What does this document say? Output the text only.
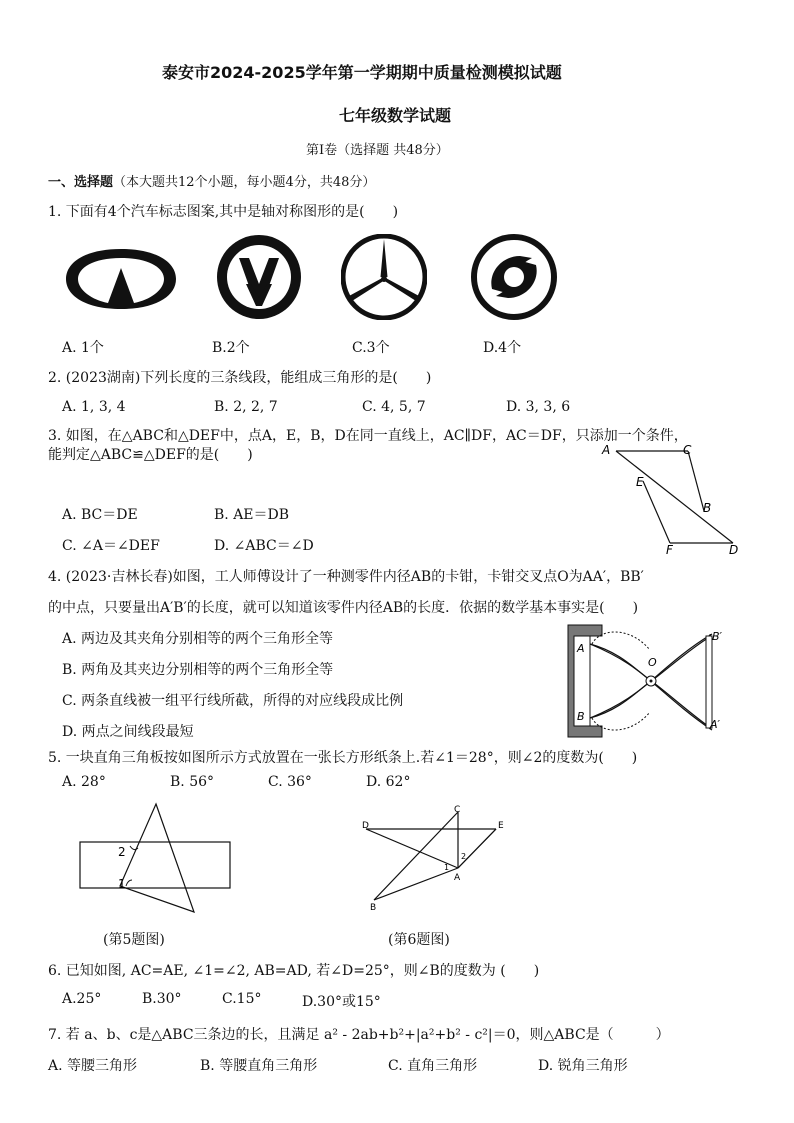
泰安市2024-2025学年第一学期期中质量检测模拟试题
七年级数学试题
第Ⅰ卷（选择题 共48分）
一、选择题（本大题共12个小题，每小题4分，共48分）
1. 下面有4个汽车标志图案,其中是轴对称图形的是(　　)
A. 1个	B.2个	C.3个	D.4个
2. (2023湖南)下列长度的三条线段，能组成三角形的是(　　)
A. 1, 3, 4	B. 2, 2, 7	C. 4, 5, 7	D. 3, 3, 6
3. 如图，在△ABC和△DEF中，点A，E，B，D在同一直线上，AC∥DF，AC＝DF，只添加一个条件，
能判定△ABC≌△DEF的是(　　)	A	C
E
B
F	D
A. BC＝DE	B. AE＝DB
C. ∠A＝∠DEF	D. ∠ABC＝∠D
4. (2023·吉林长春)如图，工人师傅设计了一种测零件内径AB的卡钳，卡钳交叉点O为AA′，BB′
的中点，只要量出A′B′的长度，就可以知道该零件内径AB的长度．依据的数学基本事实是(　　)
A. 两边及其夹角分别相等的两个三角形全等
B. 两角及其夹边分别相等的两个三角形全等
C. 两条直线被一组平行线所截，所得的对应线段成比例
D. 两点之间线段最短
A
B
O
B′
A′
5. 一块直角三角板按如图所示方式放置在一张长方形纸条上.若∠1＝28°，则∠2的度数为(　　)
A. 28°	B. 56°	C. 36°	D. 62°
2
1
(第5题图)
C
D	E
A
B
1
2
(第6题图)
6. 已知如图, AC=AE, ∠1=∠2, AB=AD, 若∠D=25°，则∠B的度数为 (　　)
A.25°	B.30°	C.15°	D.30°或15°
7. 若 a、b、c是△ABC三条边的长，且满足 a² - 2ab+b²+|a²+b² - c²|＝0，则△ABC是（　　　）
A. 等腰三角形	B. 等腰直角三角形	C. 直角三角形	D. 锐角三角形
